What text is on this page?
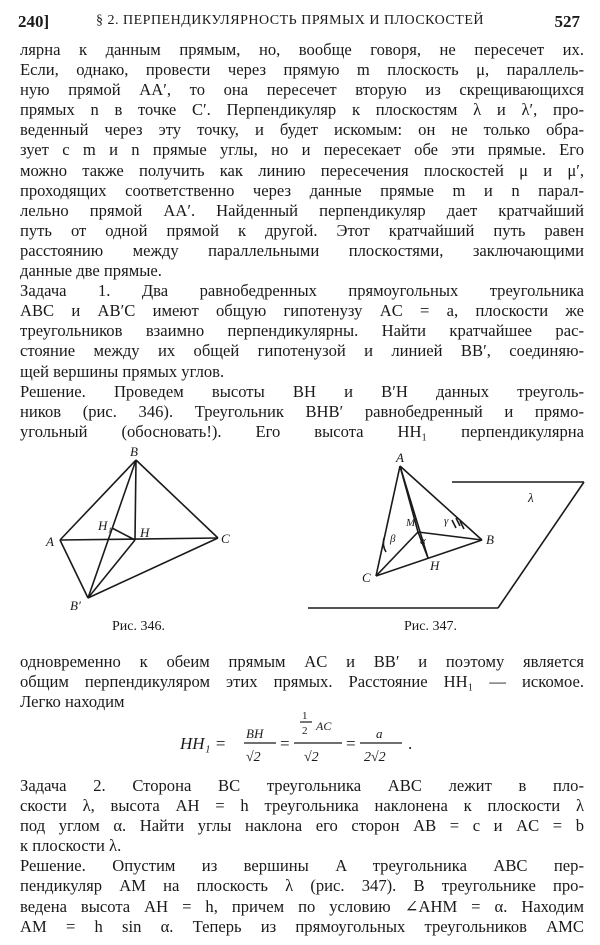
240]	§ 2. ПЕРПЕНДИКУЛЯРНОСТЬ ПРЯМЫХ И ПЛОСКОСТЕЙ	527
лярна к данным прямым, но, вообще говоря, не пересечет их.
Если, однако, провести через прямую m плоскость μ, параллель-
ную прямой AA′, то она пересечет вторую из скрещивающихся
прямых n в точке C′. Перпендикуляр к плоскостям λ и λ′, про-
веденный через эту точку, и будет искомым: он не только обра-
зует с m и n прямые углы, но и пересекает обе эти прямые. Его
можно также получить как линию пересечения плоскостей μ и μ′,
проходящих соответственно через данные прямые m и n парал-
лельно прямой AA′. Найденный перпендикуляр дает кратчайший
путь от одной прямой к другой. Этот кратчайший путь равен
расстоянию между параллельными плоскостями, заключающими
данные две прямые.
Задача 1. Два равнобедренных прямоугольных треугольника
ABC и AB′C имеют общую гипотенузу AC = a, плоскости же
треугольников взаимно перпендикулярны. Найти кратчайшее рас-
стояние между их общей гипотенузой и линией BB′, соединяю-
щей вершины прямых углов.
Решение. Проведем высоты BH и B′H данных треуголь-
ников (рис. 346). Треугольник BHB′ равнобедренный и прямо-
угольный (обосновать!). Его высота HH₁ перпендикулярна
B
A	C
B′
H
H₁
Рис. 346.
A
B
C
M
H
λ
β
γ
α
Рис. 347.
одновременно к обеим прямым AC и BB′ и поэтому является
общим перпендикуляром этих прямых. Расстояние HH₁ — искомое.
Легко находим
HH₁ =
BH
√2
=
1
2 AC
√2
=
a
2√2
.
Задача 2. Сторона BC треугольника ABC лежит в пло-
скости λ, высота AH = h треугольника наклонена к плоскости λ
под углом α. Найти углы наклона его сторон AB = c и AC = b
к плоскости λ.
Решение. Опустим из вершины A треугольника ABC пер-
пендикуляр AM на плоскость λ (рис. 347). В треугольнике про-
ведена высота AH = h, причем по условию ∠AHM = α. Находим
AM = h sin α. Теперь из прямоугольных треугольников AMC
